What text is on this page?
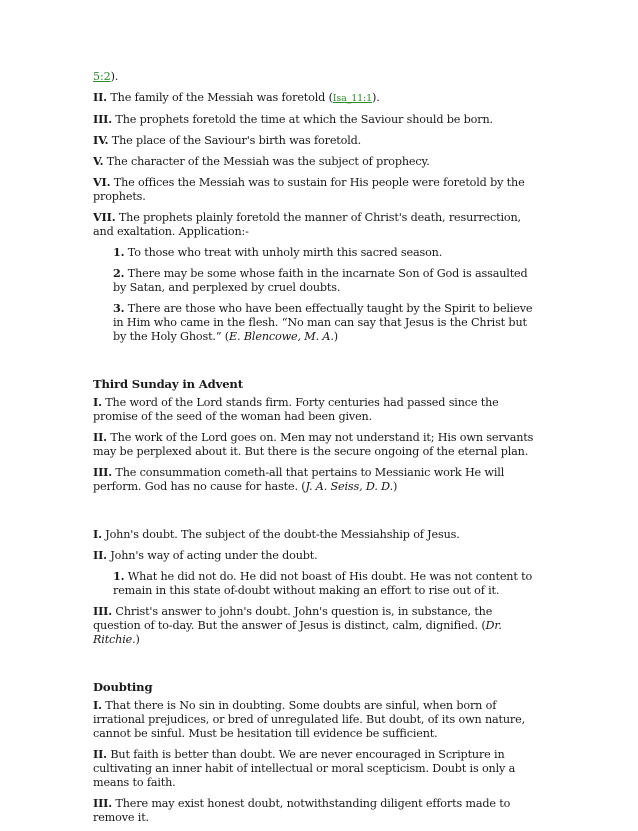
5:2).

II. The family of the Messiah was foretold (Isa_11:1).

III. The prophets foretold the time at which the Saviour should be born.

IV. The place of the Saviour's birth was foretold.

V. The character of the Messiah was the subject of prophecy.

VI. The offices the Messiah was to sustain for His people were foretold by the prophets.

VII. The prophets plainly foretold the manner of Christ's death, resurrection, and exaltation. Application:-

1. To those who treat with unholy mirth this sacred season.

2. There may be some whose faith in the incarnate Son of God is assaulted by Satan, and perplexed by cruel doubts.

3. There are those who have been effectually taught by the Spirit to believe in Him who came in the flesh. “No man can say that Jesus is the Christ but by the Holy Ghost.” (E. Blencowe, M. A.)

Third Sunday in Advent

I. The word of the Lord stands firm. Forty centuries had passed since the promise of the seed of the woman had been given.

II. The work of the Lord goes on. Men may not understand it; His own servants may be perplexed about it. But there is the secure ongoing of the eternal plan.

III. The consummation cometh-all that pertains to Messianic work He will perform. God has no cause for haste. (J. A. Seiss, D. D.)

I. John's doubt. The subject of the doubt-the Messiahship of Jesus.

II. John's way of acting under the doubt.

1. What he did not do. He did not boast of His doubt. He was not content to remain in this state of-doubt without making an effort to rise out of it.

III. Christ's answer to john's doubt. John's question is, in substance, the question of to-day. But the answer of Jesus is distinct, calm, dignified. (Dr. Ritchie.)

Doubting

I. That there is No sin in doubting. Some doubts are sinful, when born of irrational prejudices, or bred of unregulated life. But doubt, of its own nature, cannot be sinful. Must be hesitation till evidence be sufficient.

II. But faith is better than doubt. We are never encouraged in Scripture in cultivating an inner habit of intellectual or moral scepticism. Doubt is only a means to faith.

III. There may exist honest doubt, notwithstanding diligent efforts made to remove it.
